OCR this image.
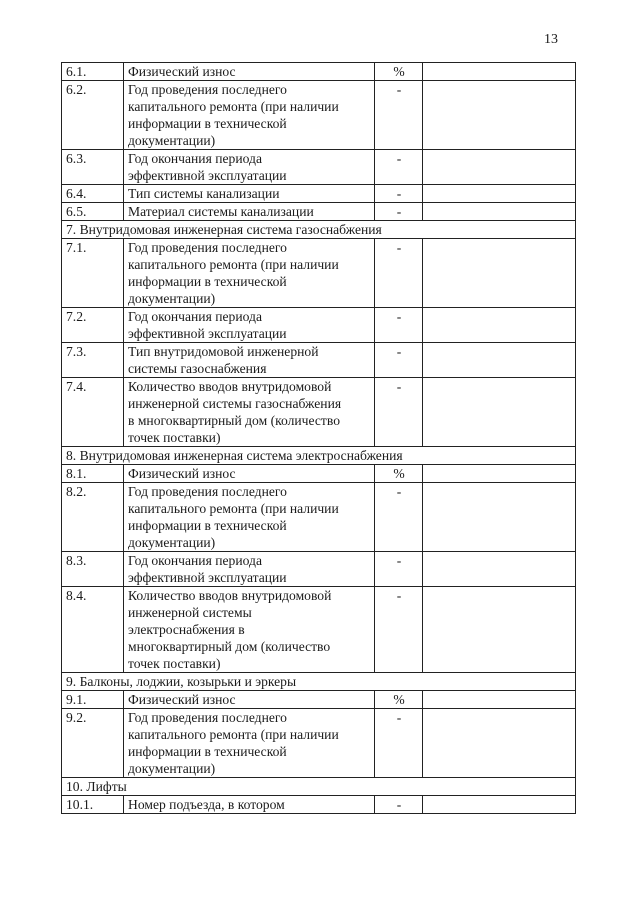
13
6.1.	Физический износ	%	
6.2.	Год проведения последнего
капитального ремонта (при наличии
информации в технической
документации)	-	
6.3.	Год окончания периода
эффективной эксплуатации	-	
6.4.	Тип системы канализации	-	
6.5.	Материал системы канализации	-	
7. Внутридомовая инженерная система газоснабжения			
7.1.	Год проведения последнего
капитального ремонта (при наличии
информации в технической
документации)	-	
7.2.	Год окончания периода
эффективной эксплуатации	-	
7.3.	Тип внутридомовой инженерной
системы газоснабжения	-	
7.4.	Количество вводов внутридомовой
инженерной системы газоснабжения
в многоквартирный дом (количество
точек поставки)	-	
8. Внутридомовая инженерная система электроснабжения			
8.1.	Физический износ	%	
8.2.	Год проведения последнего
капитального ремонта (при наличии
информации в технической
документации)	-	
8.3.	Год окончания периода
эффективной эксплуатации	-	
8.4.	Количество вводов внутридомовой
инженерной системы
электроснабжения в
многоквартирный дом (количество
точек поставки)	-	
9. Балконы, лоджии, козырьки и эркеры			
9.1.	Физический износ	%	
9.2.	Год проведения последнего
капитального ремонта (при наличии
информации в технической
документации)	-	
10. Лифты			
10.1.	Номер подъезда, в котором	-	
